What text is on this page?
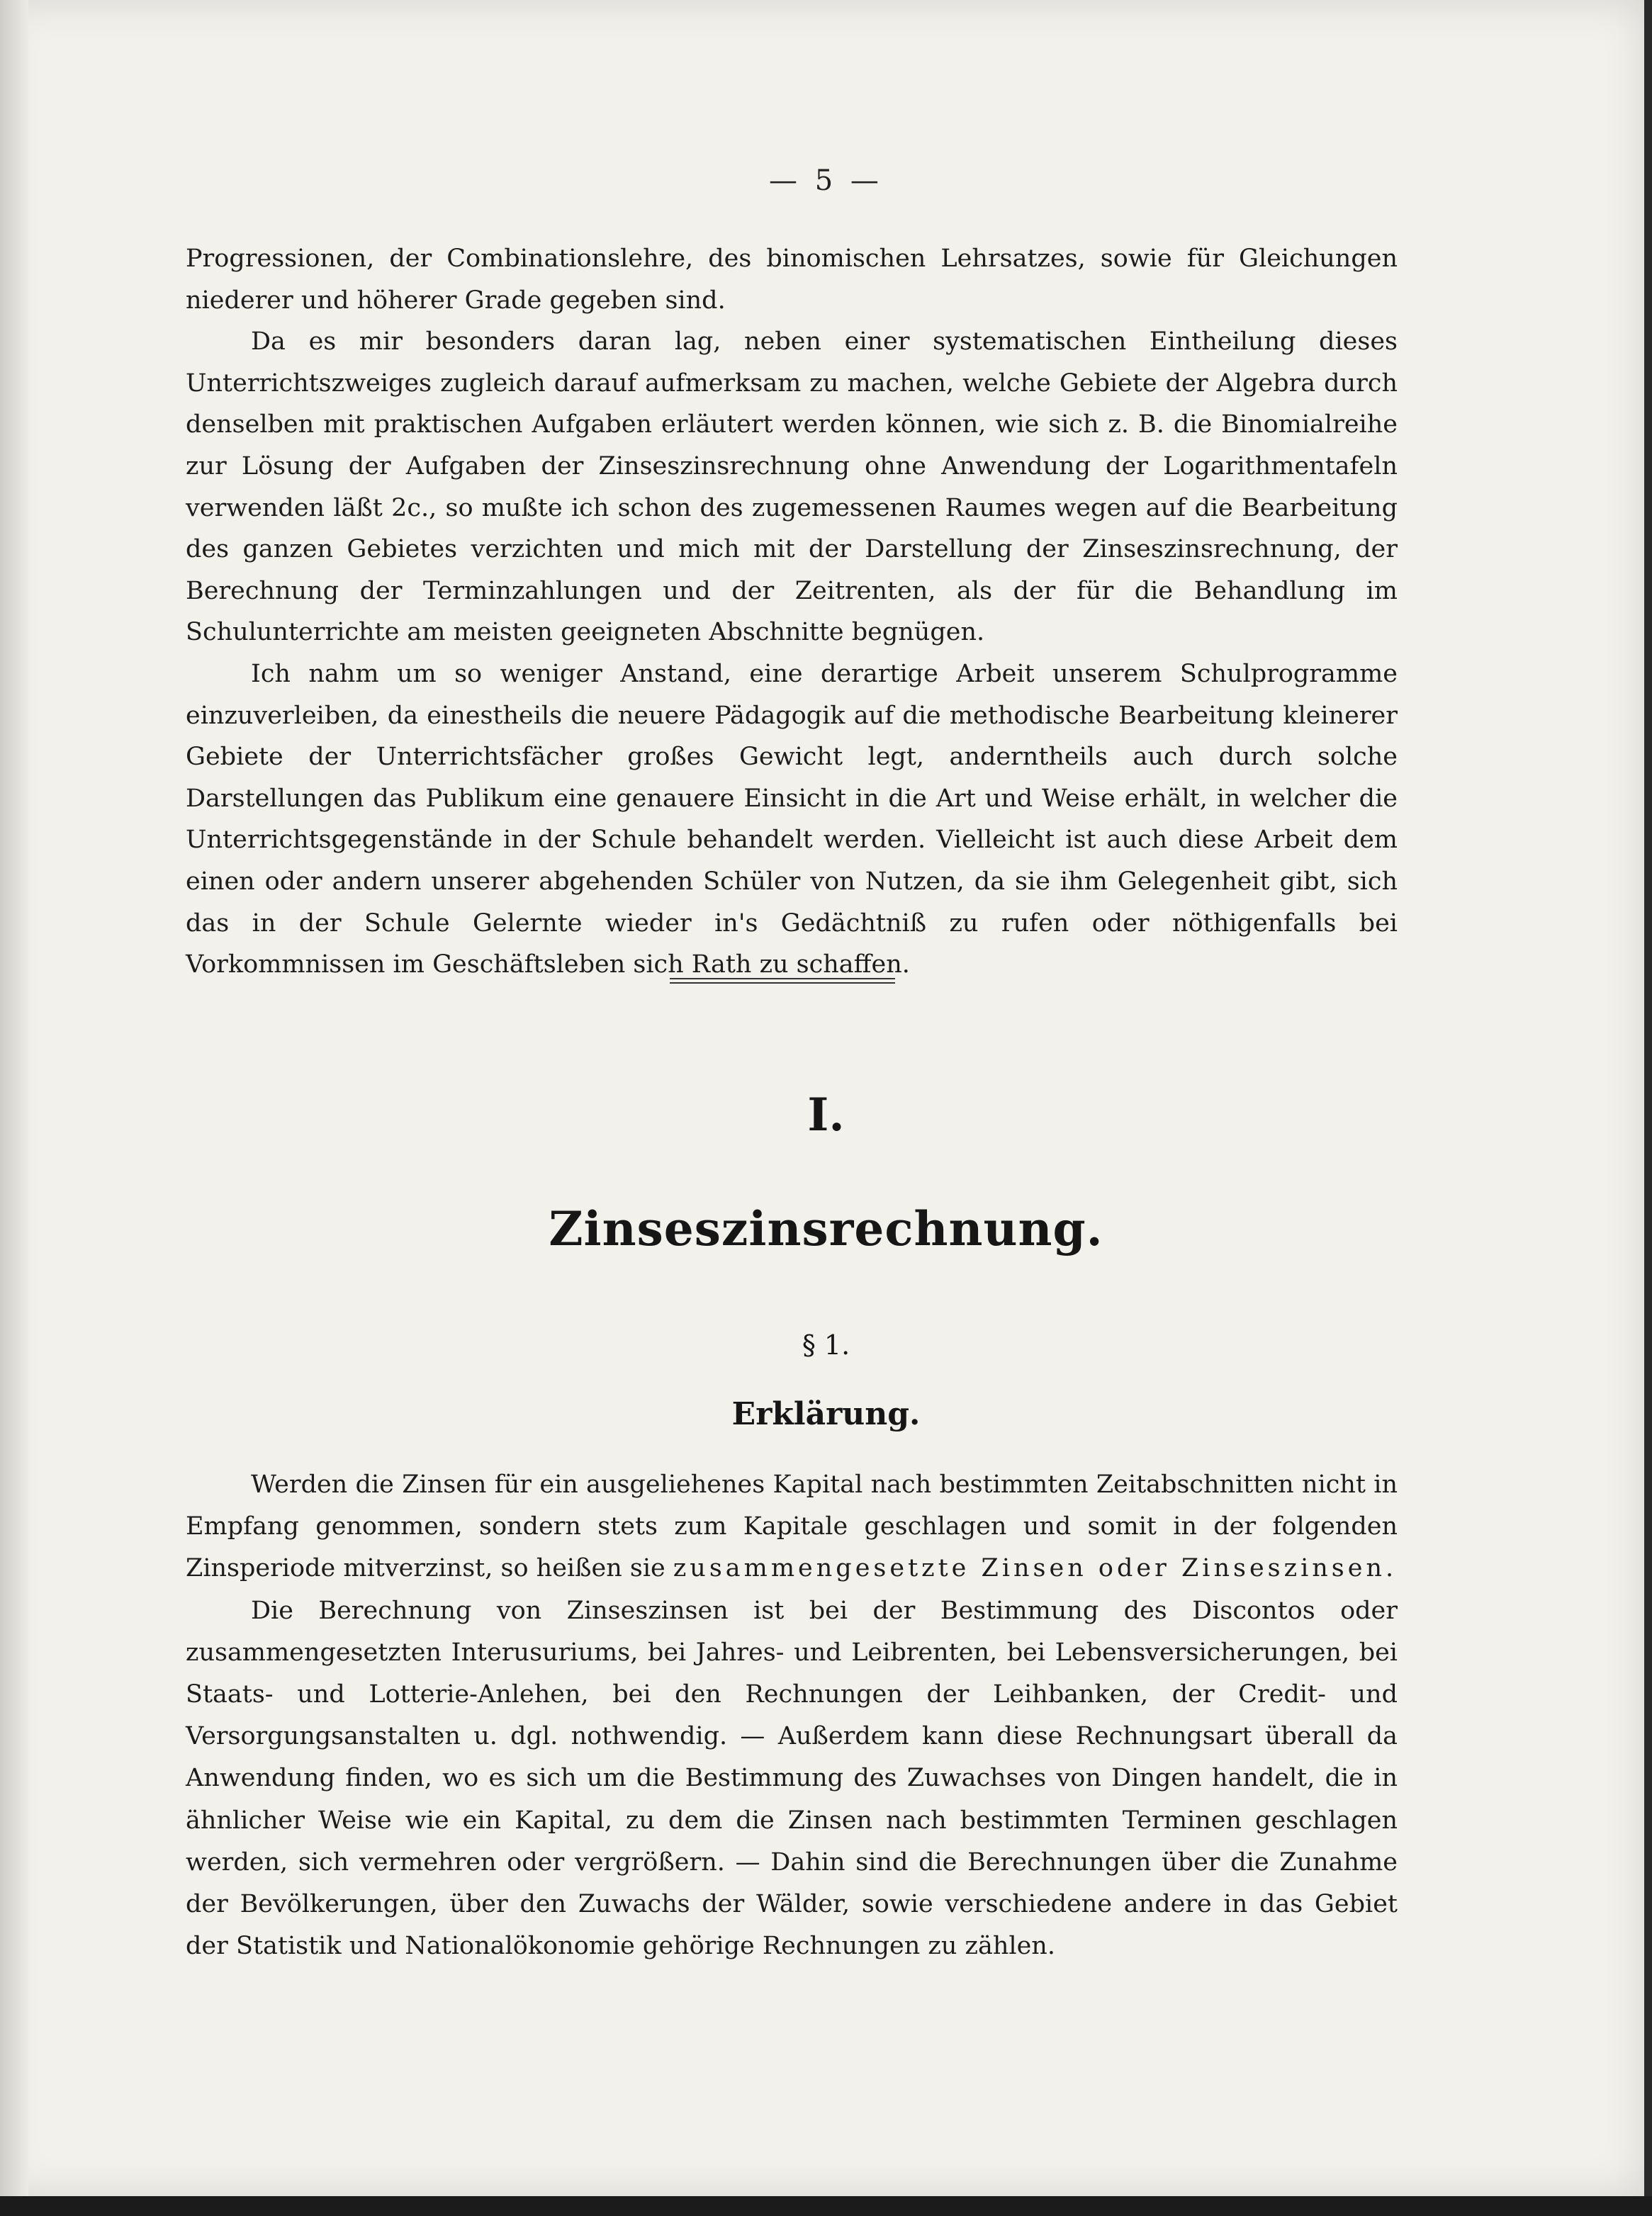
— 5 —

Progressionen, der Combinationslehre, des binomischen Lehrsatzes, sowie für Gleichungen niederer und höherer Grade gegeben sind.

Da es mir besonders daran lag, neben einer systematischen Eintheilung dieses Unterrichtszweiges zugleich darauf aufmerksam zu machen, welche Gebiete der Algebra durch denselben mit praktischen Aufgaben erläutert werden können, wie sich z. B. die Binomialreihe zur Lösung der Aufgaben der Zinseszinsrechnung ohne Anwendung der Logarithmentafeln verwenden läßt 2c., so mußte ich schon des zugemessenen Raumes wegen auf die Bearbeitung des ganzen Gebietes verzichten und mich mit der Darstellung der Zinseszinsrechnung, der Berechnung der Terminzahlungen und der Zeitrenten, als der für die Behandlung im Schulunterrichte am meisten geeigneten Abschnitte begnügen.

Ich nahm um so weniger Anstand, eine derartige Arbeit unserem Schulprogramme einzuverleiben, da einestheils die neuere Pädagogik auf die methodische Bearbeitung kleinerer Gebiete der Unterrichtsfächer großes Gewicht legt, anderntheils auch durch solche Darstellungen das Publikum eine genauere Einsicht in die Art und Weise erhält, in welcher die Unterrichtsgegenstände in der Schule behandelt werden. Vielleicht ist auch diese Arbeit dem einen oder andern unserer abgehenden Schüler von Nutzen, da sie ihm Gelegenheit gibt, sich das in der Schule Gelernte wieder in's Gedächtniß zu rufen oder nöthigenfalls bei Vorkommnissen im Geschäftsleben sich Rath zu schaffen.

I.
Zinseszinsrechnung.
§ 1.
Erklärung.

Werden die Zinsen für ein ausgeliehenes Kapital nach bestimmten Zeitabschnitten nicht in Empfang genommen, sondern stets zum Kapitale geschlagen und somit in der folgenden Zinsperiode mitverzinst, so heißen sie zusammengesetzte Zinsen oder Zinseszinsen.

Die Berechnung von Zinseszinsen ist bei der Bestimmung des Discontos oder zusammengesetzten Interusuriums, bei Jahres- und Leibrenten, bei Lebensversicherungen, bei Staats- und Lotterie-Anlehen, bei den Rechnungen der Leihbanken, der Credit- und Versorgungsanstalten u. dgl. nothwendig. — Außerdem kann diese Rechnungsart überall da Anwendung finden, wo es sich um die Bestimmung des Zuwachses von Dingen handelt, die in ähnlicher Weise wie ein Kapital, zu dem die Zinsen nach bestimmten Terminen geschlagen werden, sich vermehren oder vergrößern. — Dahin sind die Berechnungen über die Zunahme der Bevölkerungen, über den Zuwachs der Wälder, sowie verschiedene andere in das Gebiet der Statistik und Nationalökonomie gehörige Rechnungen zu zählen.
